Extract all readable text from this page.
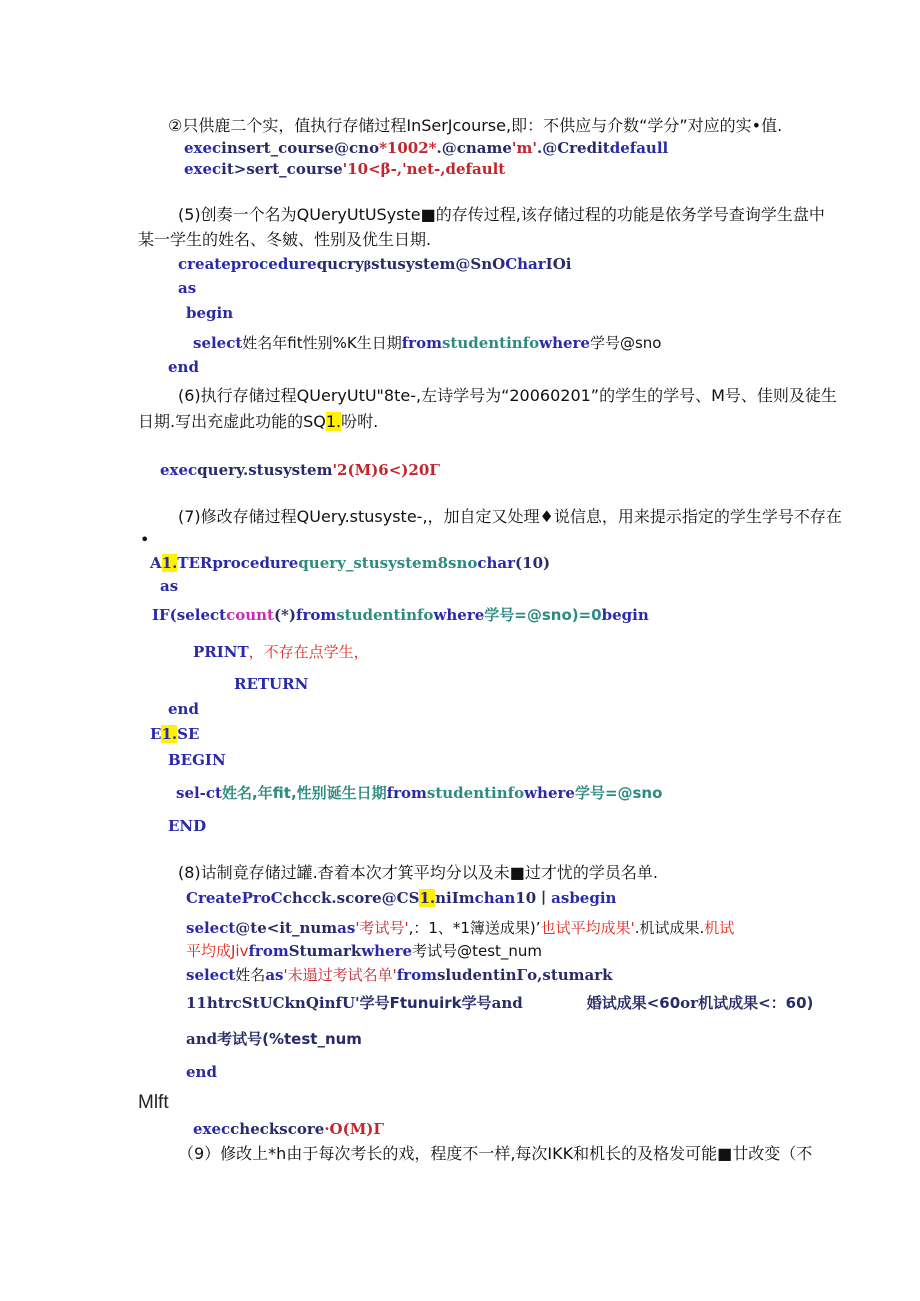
②只供鹿二个实，值执行存储过程InSerJcourse,即：不供应与介数“学分”对应的实•值.
execinsert_course@cno*1002*.@cname'm'.@Creditdefaull
execit>sert_course'10<β-,'net-,default
(5)创奏一个名为QUeryUtUSyste■的存传过程,该存储过程的功能是依务学号查询学生盘中
某一学生的姓名、冬皴、性别及优生日期.
createprocedurequcryβstusystem@SnOCharIOi
as
begin
select姓名年fit性别%K生日期fromstudentinfowhere学号@sno
end
(6)执行存储过程QUeryUtU"8te-,左诗学号为“20060201”的学生的学号、M号、佳则及徒生
日期.写出充虚此功能的SQ1.吩咐.
execquery.stusystem'2(M)6<)20Γ
(7)修改存储过程QUery.stusyste-,，加自定又处理♦说信息，用来提示指定的学生学号不存在
•
A1.TERprocedurequery_stusystem8snochar(10)
as
IF(selectcount(*)fromstudentinfowhere学号=@sno)=0begin
PRINT，不存在点学生，
RETURN
end
E1.SE
BEGIN
sel-ct姓名,年fit,性别诞生日期fromstudentinfowhere学号=@sno
END
(8)诂制竟存储过罐.杳着本次才箕平均分以及未■过才忧的学员名单.
CreateProCchcck.score@CS1.niImchan10丨asbegin
select@te<it_numas'考试号',：1、*1簿送成果)’也试平均成果'.机试成果.机试
平均成JivfromStumarkwhere考试号@test_num
select姓名as'未遢过考试名单'fromsludentinΓo,stumark
11htrcStUCknQinfU'学号Ftunuirk学号and	婚试成果<60or机试成果<：60)
and考试号(%test_num
end
Mlft
execcheckscore·O(M)Γ
（9）修改上*h由于每次考长的戏，程度不一样,每次IKK和机长的及格发可能■廿改变（不
